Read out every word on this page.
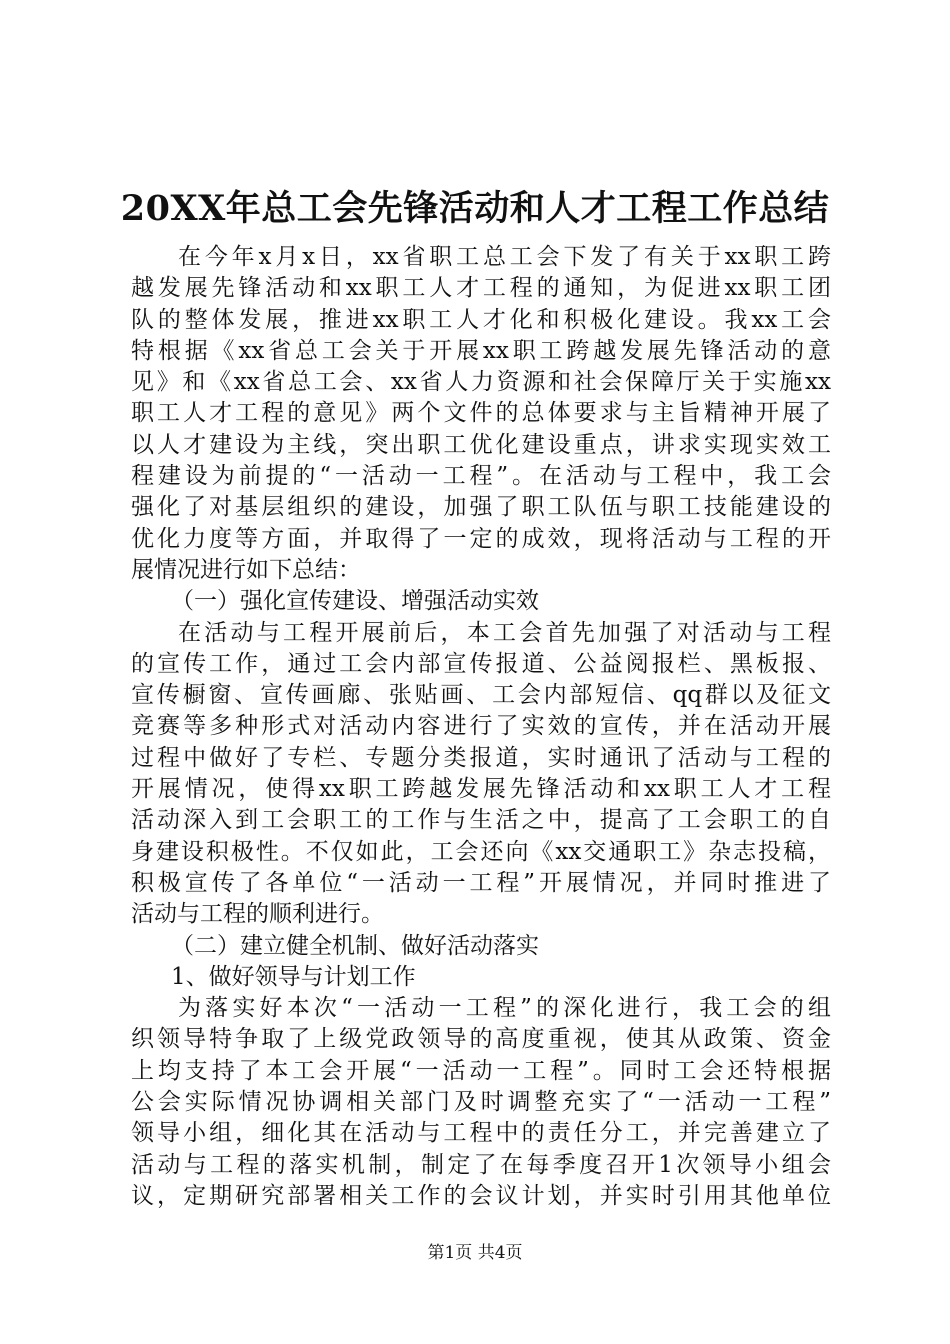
20XX年总工会先锋活动和人才工程工作总结
在今年x月x日，xx省职工总工会下发了有关于xx职工跨
越发展先锋活动和xx职工人才工程的通知，为促进xx职工团
队的整体发展，推进xx职工人才化和积极化建设。我xx工会
特根据《xx省总工会关于开展xx职工跨越发展先锋活动的意
见》和《xx省总工会、xx省人力资源和社会保障厅关于实施xx
职工人才工程的意见》两个文件的总体要求与主旨精神开展了
以人才建设为主线，突出职工优化建设重点，讲求实现实效工
程建设为前提的“一活动一工程”。在活动与工程中，我工会
强化了对基层组织的建设，加强了职工队伍与职工技能建设的
优化力度等方面，并取得了一定的成效，现将活动与工程的开
展情况进行如下总结：
（一）强化宣传建设、增强活动实效
在活动与工程开展前后，本工会首先加强了对活动与工程
的宣传工作，通过工会内部宣传报道、公益阅报栏、黑板报、
宣传橱窗、宣传画廊、张贴画、工会内部短信、qq群以及征文
竞赛等多种形式对活动内容进行了实效的宣传，并在活动开展
过程中做好了专栏、专题分类报道，实时通讯了活动与工程的
开展情况，使得xx职工跨越发展先锋活动和xx职工人才工程
活动深入到工会职工的工作与生活之中，提高了工会职工的自
身建设积极性。不仅如此，工会还向《xx交通职工》杂志投稿，
积极宣传了各单位“一活动一工程”开展情况，并同时推进了
活动与工程的顺利进行。
（二）建立健全机制、做好活动落实
1、做好领导与计划工作
为落实好本次“一活动一工程”的深化进行，我工会的组
织领导特争取了上级党政领导的高度重视，使其从政策、资金
上均支持了本工会开展“一活动一工程”。同时工会还特根据
公会实际情况协调相关部门及时调整充实了“一活动一工程”
领导小组，细化其在活动与工程中的责任分工，并完善建立了
活动与工程的落实机制，制定了在每季度召开1次领导小组会
议，定期研究部署相关工作的会议计划，并实时引用其他单位
第1页 共4页
